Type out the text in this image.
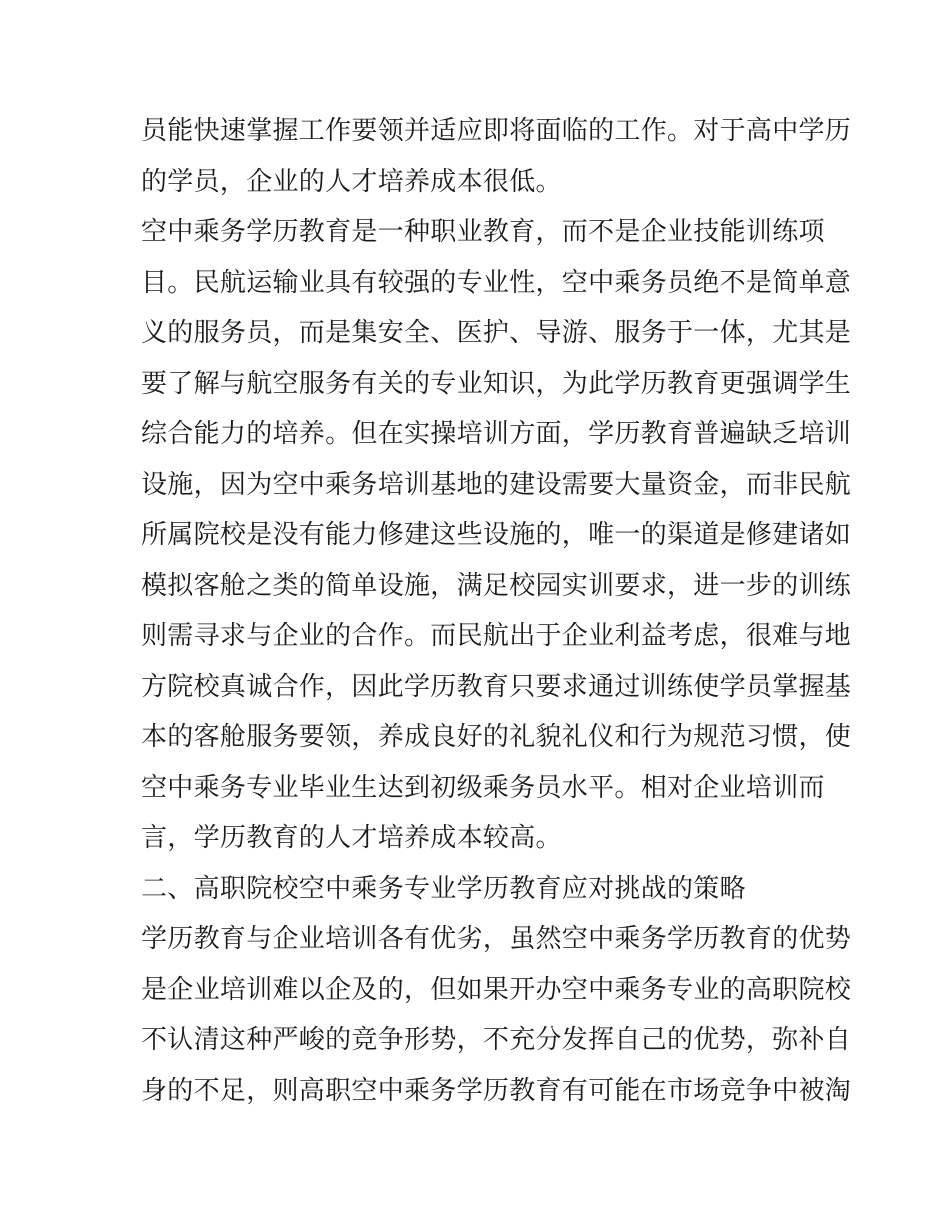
员能快速掌握工作要领并适应即将面临的工作。对于高中学历
的学员，企业的人才培养成本很低。
空中乘务学历教育是一种职业教育，而不是企业技能训练项
目。民航运输业具有较强的专业性，空中乘务员绝不是简单意
义的服务员，而是集安全、医护、导游、服务于一体，尤其是
要了解与航空服务有关的专业知识，为此学历教育更强调学生
综合能力的培养。但在实操培训方面，学历教育普遍缺乏培训
设施，因为空中乘务培训基地的建设需要大量资金，而非民航
所属院校是没有能力修建这些设施的，唯一的渠道是修建诸如
模拟客舱之类的简单设施，满足校园实训要求，进一步的训练
则需寻求与企业的合作。而民航出于企业利益考虑，很难与地
方院校真诚合作，因此学历教育只要求通过训练使学员掌握基
本的客舱服务要领，养成良好的礼貌礼仪和行为规范习惯，使
空中乘务专业毕业生达到初级乘务员水平。相对企业培训而
言，学历教育的人才培养成本较高。
二、高职院校空中乘务专业学历教育应对挑战的策略
学历教育与企业培训各有优劣，虽然空中乘务学历教育的优势
是企业培训难以企及的，但如果开办空中乘务专业的高职院校
不认清这种严峻的竞争形势，不充分发挥自己的优势，弥补自
身的不足，则高职空中乘务学历教育有可能在市场竞争中被淘
